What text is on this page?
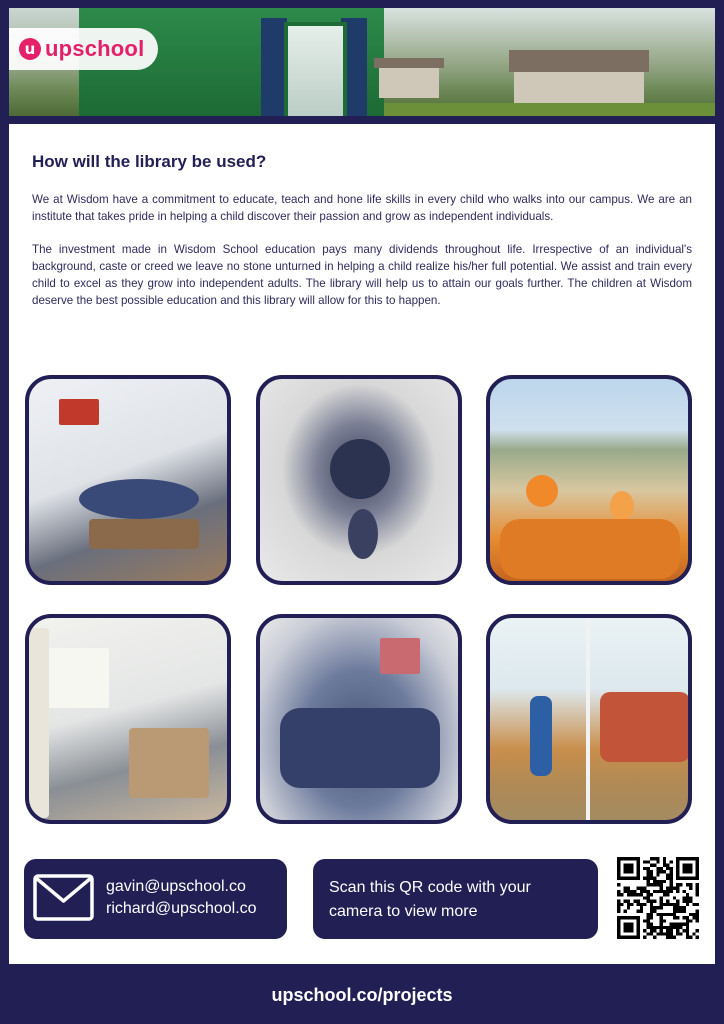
u upschool
How will the library be used?

We at Wisdom have a commitment to educate, teach and hone life skills in every child who walks into our campus. We are an institute that takes pride in helping a child discover their passion and grow as independent individuals.

The investment made in Wisdom School education pays many dividends throughout life. Irrespective of an individual's background, caste or creed we leave no stone unturned in helping a child realize his/her full potential. We assist and train every child to excel as they grow into independent adults. The library will help us to attain our goals further. The children at Wisdom deserve the best possible education and this library will allow for this to happen.

gavin@upschool.co
richard@upschool.co
Scan this QR code with your camera to view more
upschool.co/projects
